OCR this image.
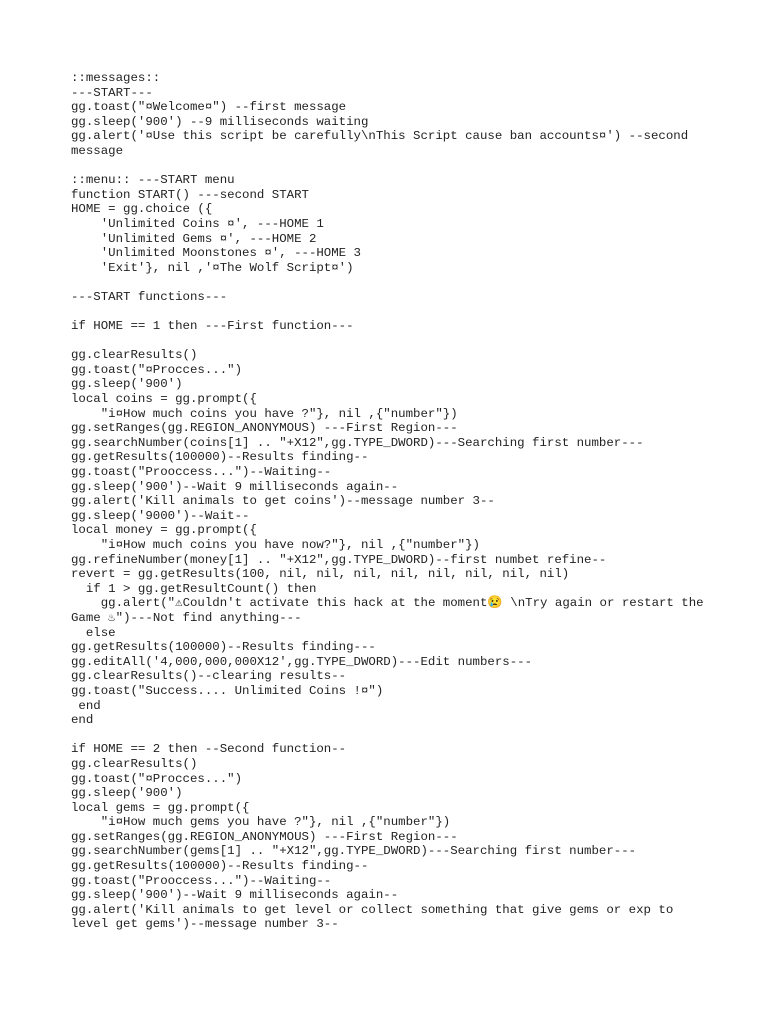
::messages::
---START---
gg.toast("¤Welcome¤") --first message
gg.sleep('900') --9 milliseconds waiting
gg.alert('¤Use this script be carefully\nThis Script cause ban accounts¤') --second message
::menu:: ---START menu
function START() ---second START
HOME = gg.choice ({
'Unlimited Coins ¤', ---HOME 1
'Unlimited Gems ¤', ---HOME 2
'Unlimited Moonstones ¤', ---HOME 3
'Exit'}, nil ,'¤The Wolf Script¤')
---START functions---
if HOME == 1 then ---First function---
gg.clearResults()
gg.toast("¤Procces...")
gg.sleep('900')
local coins = gg.prompt({
"i¤How much coins you have ?"}, nil ,{"number"})
gg.setRanges(gg.REGION_ANONYMOUS) ---First Region---
gg.searchNumber(coins[1] .. "+X12",gg.TYPE_DWORD)---Searching first number---
gg.getResults(100000)--Results finding--
gg.toast("Prooccess...")--Waiting--
gg.sleep('900')--Wait 9 milliseconds again--
gg.alert('Kill animals to get coins')--message number 3--
gg.sleep('9000')--Wait--
local money = gg.prompt({
"i¤How much coins you have now?"}, nil ,{"number"})
gg.refineNumber(money[1] .. "+X12",gg.TYPE_DWORD)--first numbet refine--
revert = gg.getResults(100, nil, nil, nil, nil, nil, nil, nil, nil)
if 1 > gg.getResultCount() then
gg.alert("⚠Couldn't activate this hack at the moment😢 \nTry again or restart the Game ♨")---Not find anything---
else
gg.getResults(100000)--Results finding---
gg.editAll('4,000,000,000X12',gg.TYPE_DWORD)---Edit numbers---
gg.clearResults()--clearing results--
gg.toast("Success.... Unlimited Coins !¤")
end
end
if HOME == 2 then --Second function--
gg.clearResults()
gg.toast("¤Procces...")
gg.sleep('900')
local gems = gg.prompt({
"i¤How much gems you have ?"}, nil ,{"number"})
gg.setRanges(gg.REGION_ANONYMOUS) ---First Region---
gg.searchNumber(gems[1] .. "+X12",gg.TYPE_DWORD)---Searching first number---
gg.getResults(100000)--Results finding--
gg.toast("Prooccess...")--Waiting--
gg.sleep('900')--Wait 9 milliseconds again--
gg.alert('Kill animals to get level or collect something that give gems or exp to level get gems')--message number 3--
